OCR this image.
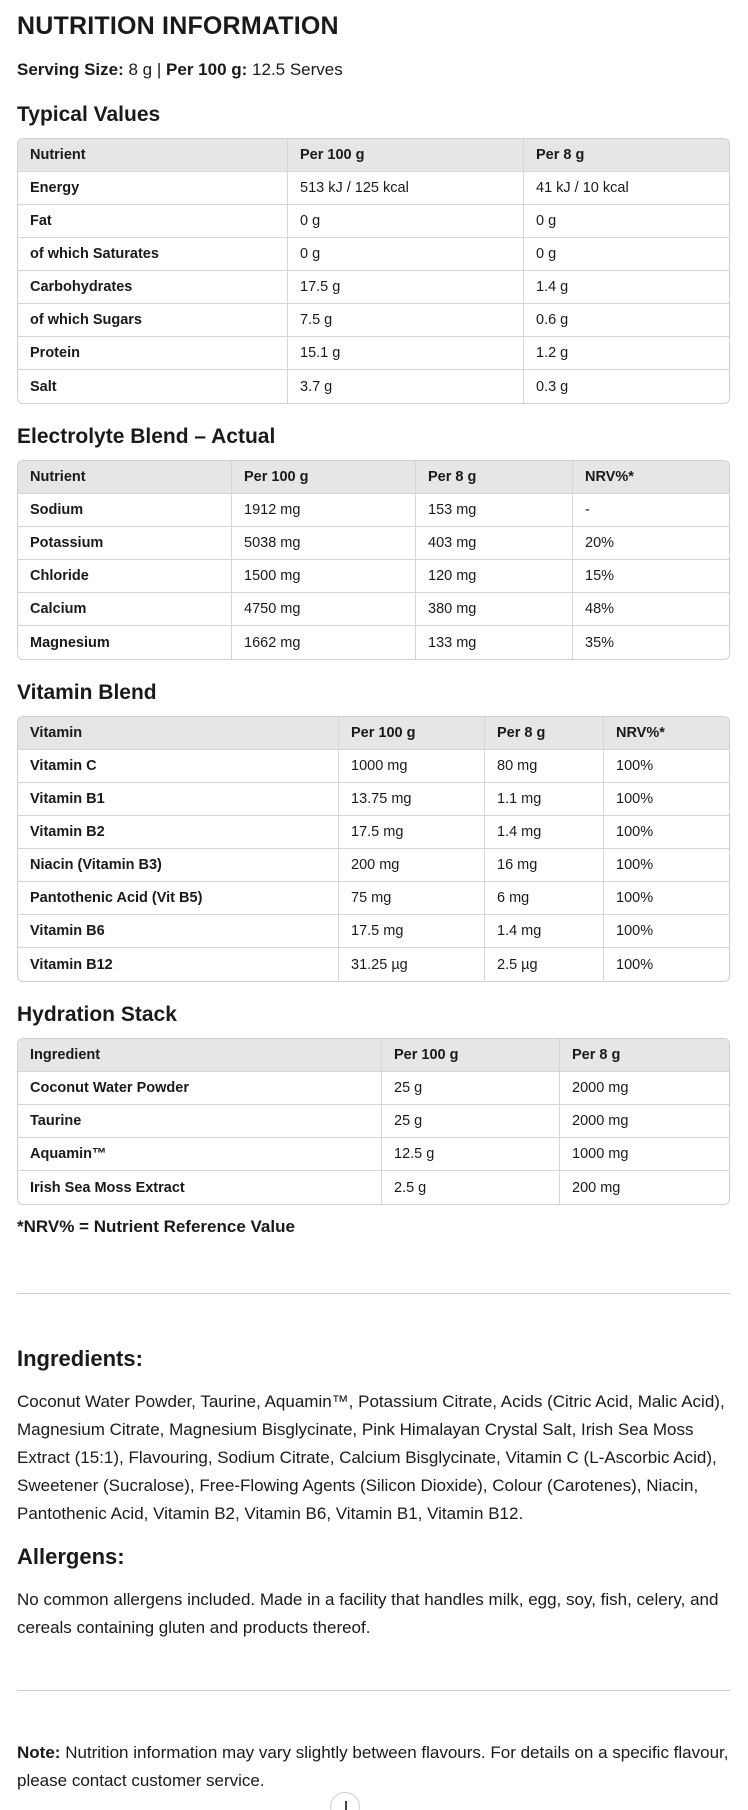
NUTRITION INFORMATION
Serving Size: 8 g | Per 100 g: 12.5 Serves
Typical Values
Nutrient	Per 100 g	Per 8 g
Energy	513 kJ / 125 kcal	41 kJ / 10 kcal
Fat	0 g	0 g
of which Saturates	0 g	0 g
Carbohydrates	17.5 g	1.4 g
of which Sugars	7.5 g	0.6 g
Protein	15.1 g	1.2 g
Salt	3.7 g	0.3 g
Electrolyte Blend – Actual
Nutrient	Per 100 g	Per 8 g	NRV%*
Sodium	1912 mg	153 mg	-
Potassium	5038 mg	403 mg	20%
Chloride	1500 mg	120 mg	15%
Calcium	4750 mg	380 mg	48%
Magnesium	1662 mg	133 mg	35%
Vitamin Blend
Vitamin	Per 100 g	Per 8 g	NRV%*
Vitamin C	1000 mg	80 mg	100%
Vitamin B1	13.75 mg	1.1 mg	100%
Vitamin B2	17.5 mg	1.4 mg	100%
Niacin (Vitamin B3)	200 mg	16 mg	100%
Pantothenic Acid (Vit B5)	75 mg	6 mg	100%
Vitamin B6	17.5 mg	1.4 mg	100%
Vitamin B12	31.25 µg	2.5 µg	100%
Hydration Stack
Ingredient	Per 100 g	Per 8 g
Coconut Water Powder	25 g	2000 mg
Taurine	25 g	2000 mg
Aquamin™	12.5 g	1000 mg
Irish Sea Moss Extract	2.5 g	200 mg
*NRV% = Nutrient Reference Value
Ingredients:

Coconut Water Powder, Taurine, Aquamin™, Potassium Citrate, Acids (Citric Acid, Malic Acid), Magnesium Citrate, Magnesium Bisglycinate, Pink Himalayan Crystal Salt, Irish Sea Moss Extract (15:1), Flavouring, Sodium Citrate, Calcium Bisglycinate, Vitamin C (L-Ascorbic Acid), Sweetener (Sucralose), Free-Flowing Agents (Silicon Dioxide), Colour (Carotenes), Niacin, Pantothenic Acid, Vitamin B2, Vitamin B6, Vitamin B1, Vitamin B12.

Allergens:

No common allergens included. Made in a facility that handles milk, egg, soy, fish, celery, and cereals containing gluten and products thereof.

Note: Nutrition information may vary slightly between flavours. For details on a specific flavour, please contact customer service.
